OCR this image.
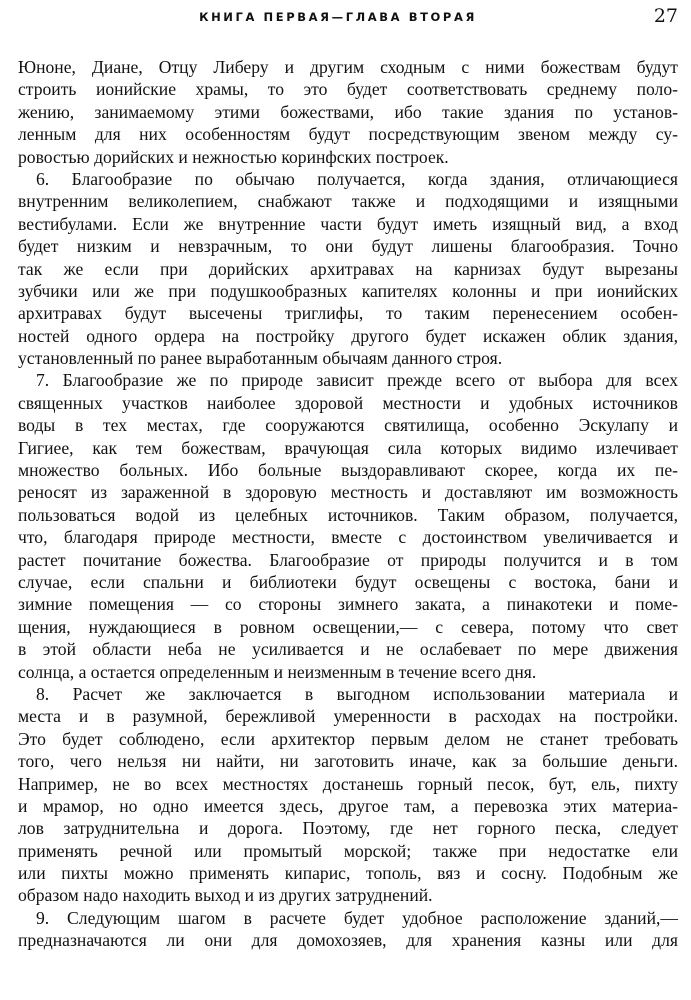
КНИГА ПЕРВАЯ—ГЛАВА ВТОРАЯ	27
Юноне, Диане, Отцу Либеру и другим сходным с ними божествам будут
строить ионийские храмы, то это будет соответствовать среднему поло-
жению, занимаемому этими божествами, ибо такие здания по установ-
ленным для них особенностям будут посредствующим звеном между су-
ровостью дорийских и нежностью коринфских построек.
6. Благообразие по обычаю получается, когда здания, отличающиеся
внутренним великолепием, снабжают также и подходящими и изящными
вестибулами. Если же внутренние части будут иметь изящный вид, а вход
будет низким и невзрачным, то они будут лишены благообразия. Точно
так же если при дорийских архитравах на карнизах будут вырезаны
зубчики или же при подушкообразных капителях колонны и при ионийских
архитравах будут высечены триглифы, то таким перенесением особен-
ностей одного ордера на постройку другого будет искажен облик здания,
установленный по ранее выработанным обычаям данного строя.
7. Благообразие же по природе зависит прежде всего от выбора для всех
священных участков наиболее здоровой местности и удобных источников
воды в тех местах, где сооружаются святилища, особенно Эскулапу и
Гигиее, как тем божествам, врачующая сила которых видимо излечивает
множество больных. Ибо больные выздоравливают скорее, когда их пе-
реносят из зараженной в здоровую местность и доставляют им возможность
пользоваться водой из целебных источников. Таким образом, получается,
что, благодаря природе местности, вместе с достоинством увеличивается и
растет почитание божества. Благообразие от природы получится и в том
случае, если спальни и библиотеки будут освещены с востока, бани и
зимние помещения — со стороны зимнего заката, а пинакотеки и поме-
щения, нуждающиеся в ровном освещении,— с севера, потому что свет
в этой области неба не усиливается и не ослабевает по мере движения
солнца, а остается определенным и неизменным в течение всего дня.
8. Расчет же заключается в выгодном использовании материала и
места и в разумной, бережливой умеренности в расходах на постройки.
Это будет соблюдено, если архитектор первым делом не станет требовать
того, чего нельзя ни найти, ни заготовить иначе, как за большие деньги.
Например, не во всех местностях достанешь горный песок, бут, ель, пихту
и мрамор, но одно имеется здесь, другое там, а перевозка этих материа-
лов затруднительна и дорога. Поэтому, где нет горного песка, следует
применять речной или промытый морской; также при недостатке ели
или пихты можно применять кипарис, тополь, вяз и сосну. Подобным же
образом надо находить выход и из других затруднений.
9. Следующим шагом в расчете будет удобное расположение зданий,—
предназначаются ли они для домохозяев, для хранения казны или для
